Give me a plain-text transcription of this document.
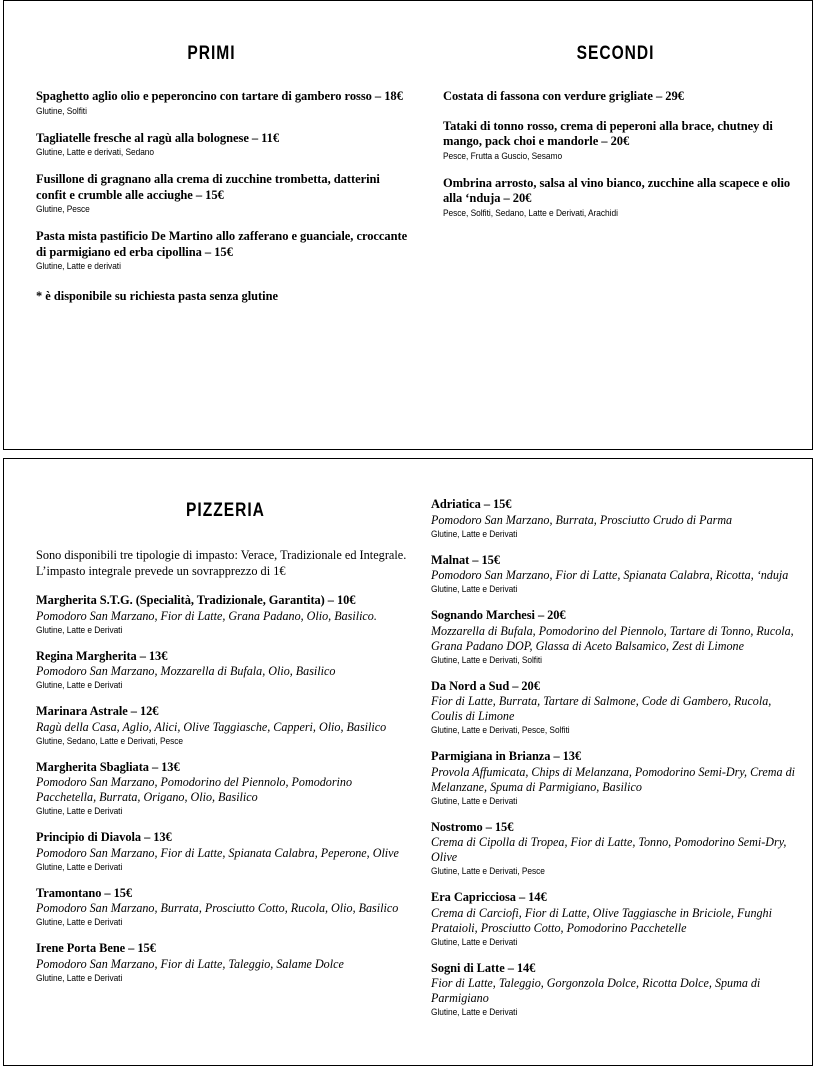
PRIMI	SECONDI
Spaghetto aglio olio e peperoncino con tartare di gambero rosso – 18€
Glutine, Solfiti
Tagliatelle fresche al ragù alla bolognese – 11€
Glutine, Latte e derivati, Sedano
Fusillone di gragnano alla crema di zucchine trombetta, datterini confit e crumble alle acciughe – 15€
Glutine, Pesce
Pasta mista pastificio De Martino allo zafferano e guanciale, croccante di parmigiano ed erba cipollina – 15€
Glutine, Latte e derivati
* è disponibile su richiesta pasta senza glutine
Costata di fassona con verdure grigliate – 29€
Tataki di tonno rosso, crema di peperoni alla brace, chutney di mango, pack choi e mandorle – 20€
Pesce, Frutta a Guscio, Sesamo
Ombrina arrosto, salsa al vino bianco, zucchine alla scapece e olio alla ‘nduja – 20€
Pesce, Solfiti, Sedano, Latte e Derivati, Arachidi
PIZZERIA
Sono disponibili tre tipologie di impasto: Verace, Tradizionale ed Integrale. L’impasto integrale prevede un sovrapprezzo di 1€
Margherita S.T.G. (Specialità, Tradizionale, Garantita) – 10€
Pomodoro San Marzano, Fior di Latte, Grana Padano, Olio, Basilico.
Glutine, Latte e Derivati
Regina Margherita – 13€
Pomodoro San Marzano, Mozzarella di Bufala, Olio, Basilico
Glutine, Latte e Derivati
Marinara Astrale – 12€
Ragù della Casa, Aglio, Alici, Olive Taggiasche, Capperi, Olio, Basilico
Glutine, Sedano, Latte e Derivati, Pesce
Margherita Sbagliata – 13€
Pomodoro San Marzano, Pomodorino del Piennolo, Pomodorino Pacchetella, Burrata, Origano, Olio, Basilico
Glutine, Latte e Derivati
Principio di Diavola – 13€
Pomodoro San Marzano, Fior di Latte, Spianata Calabra, Peperone, Olive
Glutine, Latte e Derivati
Tramontano – 15€
Pomodoro San Marzano, Burrata, Prosciutto Cotto, Rucola, Olio, Basilico
Glutine, Latte e Derivati
Irene Porta Bene – 15€
Pomodoro San Marzano, Fior di Latte, Taleggio, Salame Dolce
Glutine, Latte e Derivati
Adriatica – 15€
Pomodoro San Marzano, Burrata, Prosciutto Crudo di Parma
Glutine, Latte e Derivati
Malnat – 15€
Pomodoro San Marzano, Fior di Latte, Spianata Calabra, Ricotta, ‘nduja
Glutine, Latte e Derivati
Sognando Marchesi – 20€
Mozzarella di Bufala, Pomodorino del Piennolo, Tartare di Tonno, Rucola, Grana Padano DOP, Glassa di Aceto Balsamico, Zest di Limone
Glutine, Latte e Derivati, Solfiti
Da Nord a Sud – 20€
Fior di Latte, Burrata, Tartare di Salmone, Code di Gambero, Rucola, Coulis di Limone
Glutine, Latte e Derivati, Pesce, Solfiti
Parmigiana in Brianza – 13€
Provola Affumicata, Chips di Melanzana, Pomodorino Semi-Dry, Crema di Melanzane, Spuma di Parmigiano, Basilico
Glutine, Latte e Derivati
Nostromo – 15€
Crema di Cipolla di Tropea, Fior di Latte, Tonno, Pomodorino Semi-Dry, Olive
Glutine, Latte e Derivati, Pesce
Era Capricciosa – 14€
Crema di Carciofi, Fior di Latte, Olive Taggiasche in Briciole, Funghi Prataioli, Prosciutto Cotto, Pomodorino Pacchetelle
Glutine, Latte e Derivati
Sogni di Latte – 14€
Fior di Latte, Taleggio, Gorgonzola Dolce, Ricotta Dolce, Spuma di Parmigiano
Glutine, Latte e Derivati
